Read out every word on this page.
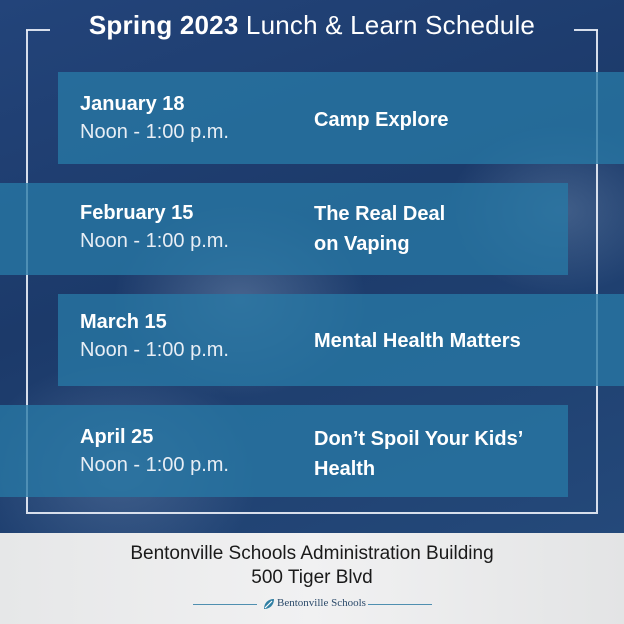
Spring 2023 Lunch & Learn Schedule
January 18
Noon - 1:00 p.m.
Camp Explore
February 15
Noon - 1:00 p.m.
The Real Deal
on Vaping
March 15
Noon - 1:00 p.m.	Mental Health Matters
April 25
Noon - 1:00 p.m.
Don’t Spoil Your Kids’
Health
Bentonville Schools Administration Building
500 Tiger Blvd
Bentonville Schools
